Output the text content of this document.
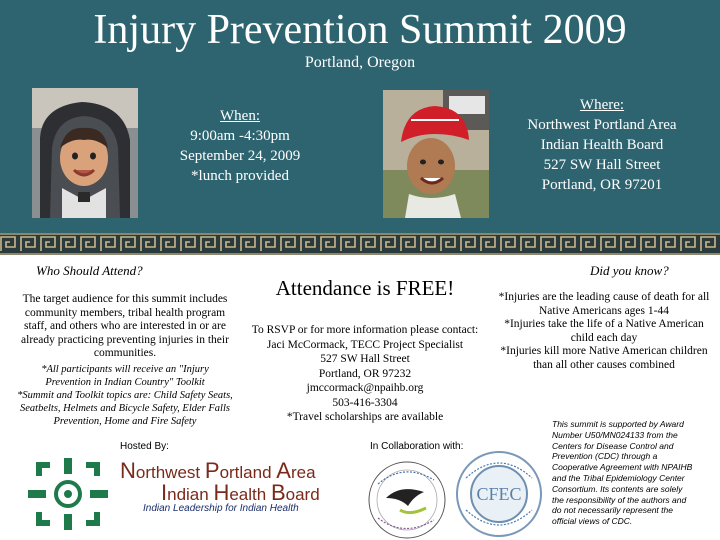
Injury Prevention Summit 2009
Portland, Oregon
When:
9:00am -4:30pm
September 24, 2009
*lunch provided
Where:
Northwest Portland Area
Indian Health Board
527 SW Hall Street
Portland, OR 97201
Who Should Attend?
The target audience for this summit includes community members, tribal health program staff, and others who are interested in or are already practicing preventing injuries in their communities.
*All participants will receive an "Injury Prevention in Indian Country" Toolkit
*Summit and Toolkit topics are: Child Safety Seats, Seatbelts, Helmets and Bicycle Safety, Elder Falls Prevention, Home and Fire Safety
Attendance is FREE!
To RSVP or for more information please contact:
Jaci McCormack, TECC Project Specialist
527 SW Hall Street
Portland, OR 97232
jmccormack@npaihb.org
503-416-3304
*Travel scholarships are available
Did you know?
*Injuries are the leading cause of death for all Native Americans ages 1-44
*Injuries take the life of a Native American child each day
*Injuries kill more Native American children than all other causes combined
This summit is supported by Award Number U50/MN024133 from the Centers for Disease Control and Prevention (CDC) through a Cooperative Agreement with NPAIHB and the Tribal Epidemiology Center Consortium. Its contents are solely the responsibility of the authors and do not necessarily represent the official views of CDC.
Hosted By:	In Collaboration with:
Northwest Portland Area
Indian Health Board
Indian Leadership for Indian Health
CFEC
